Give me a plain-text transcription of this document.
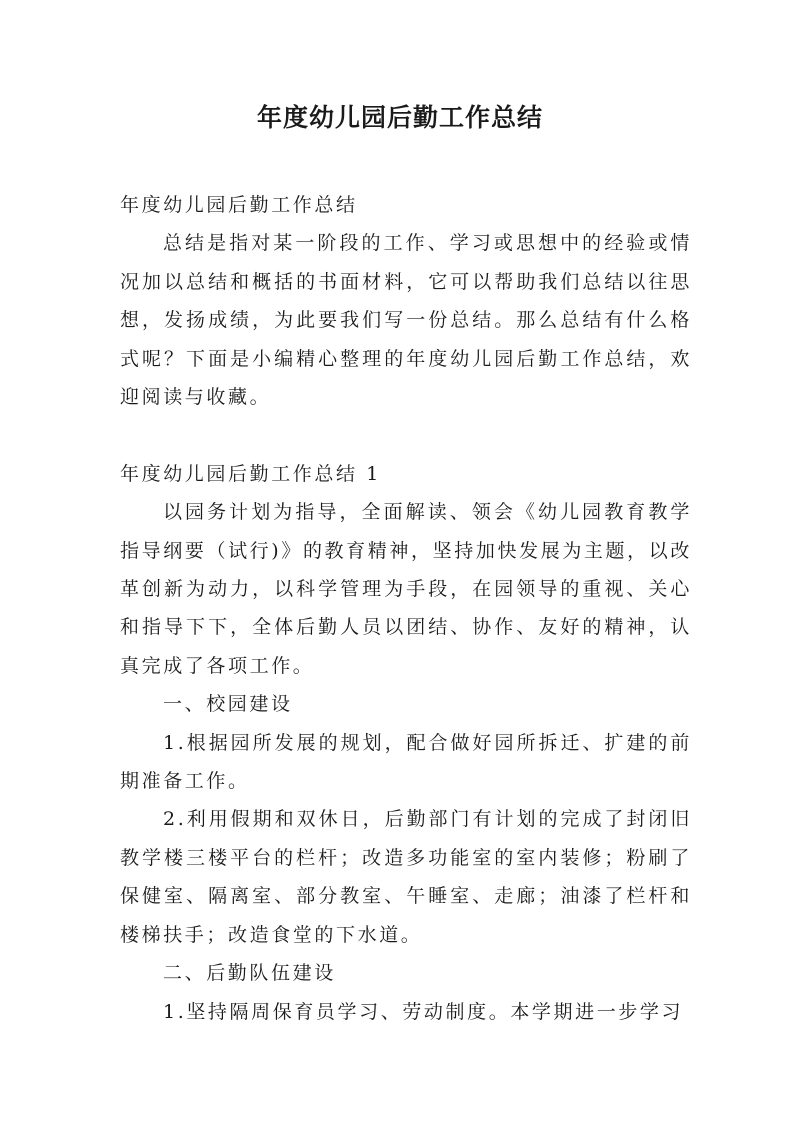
年度幼儿园后勤工作总结

年度幼儿园后勤工作总结

总结是指对某一阶段的工作、学习或思想中的经验或情况加以总结和概括的书面材料，它可以帮助我们总结以往思想，发扬成绩，为此要我们写一份总结。那么总结有什么格式呢？下面是小编精心整理的年度幼儿园后勤工作总结，欢迎阅读与收藏。

年度幼儿园后勤工作总结 1

以园务计划为指导，全面解读、领会《幼儿园教育教学指导纲要（试行)》的教育精神，坚持加快发展为主题，以改革创新为动力，以科学管理为手段，在园领导的重视、关心和指导下下，全体后勤人员以团结、协作、友好的精神，认真完成了各项工作。

一、校园建设

1.根据园所发展的规划，配合做好园所拆迁、扩建的前期准备工作。

2.利用假期和双休日，后勤部门有计划的完成了封闭旧教学楼三楼平台的栏杆；改造多功能室的室内装修；粉刷了保健室、隔离室、部分教室、午睡室、走廊；油漆了栏杆和楼梯扶手；改造食堂的下水道。

二、后勤队伍建设

1.坚持隔周保育员学习、劳动制度。本学期进一步学习
